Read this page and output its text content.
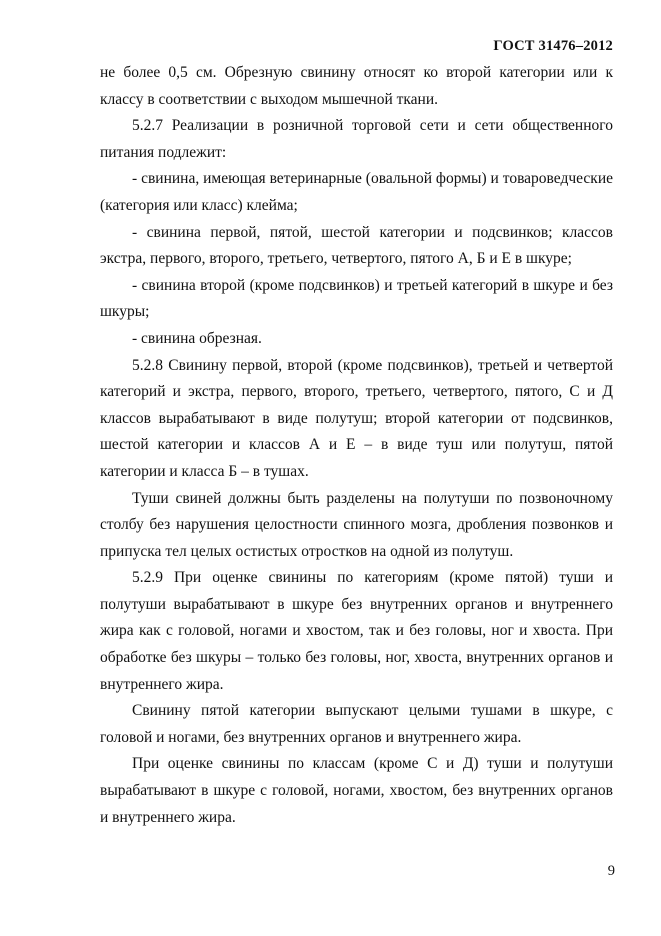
ГОСТ 31476–2012

не более 0,5 см. Обрезную свинину относят ко второй категории или к классу в соответствии с выходом мышечной ткани.

5.2.7 Реализации в розничной торговой сети и сети общественного питания подлежит:

- свинина, имеющая ветеринарные (овальной формы) и товароведческие (категория или класс) клейма;

- свинина первой, пятой, шестой категории и подсвинков; классов экстра, первого, второго, третьего, четвертого, пятого А, Б и Е в шкуре;

- свинина второй (кроме подсвинков) и третьей категорий в шкуре и без шкуры;

- свинина обрезная.

5.2.8 Свинину первой, второй (кроме подсвинков), третьей и четвертой категорий и экстра, первого, второго, третьего, четвертого, пятого, С и Д классов вырабатывают в виде полутуш; второй категории от подсвинков, шестой категории и классов А и Е – в виде туш или полутуш, пятой категории и класса Б – в тушах.

Туши свиней должны быть разделены на полутуши по позвоночному столбу без нарушения целостности спинного мозга, дробления позвонков и припуска тел целых остистых отростков на одной из полутуш.

5.2.9 При оценке свинины по категориям (кроме пятой) туши и полутуши вырабатывают в шкуре без внутренних органов и внутреннего жира как с головой, ногами и хвостом, так и без головы, ног и хвоста. При обработке без шкуры – только без головы, ног, хвоста, внутренних органов и внутреннего жира.

Свинину пятой категории выпускают целыми тушами в шкуре, с головой и ногами, без внутренних органов и внутреннего жира.

При оценке свинины по классам (кроме С и Д) туши и полутуши вырабатывают в шкуре с головой, ногами, хвостом, без внутренних органов и внутреннего жира.

9
